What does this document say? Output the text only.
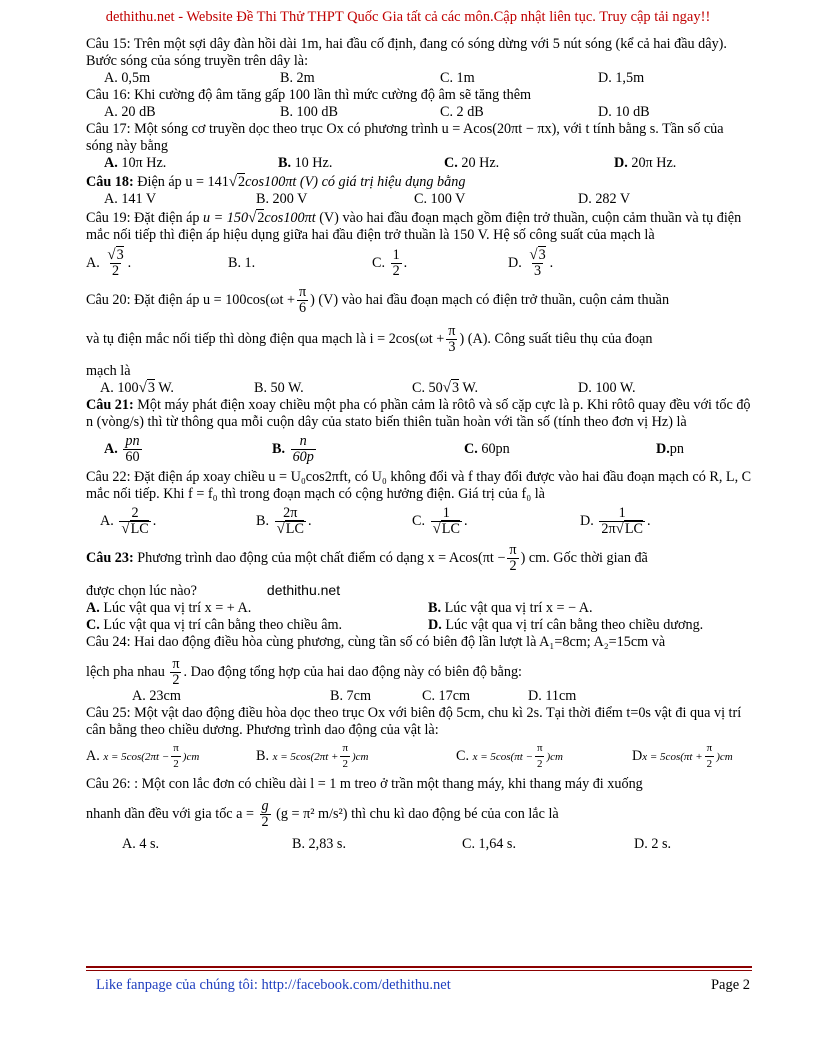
dethithu.net - Website Đề Thi Thử THPT Quốc Gia tất cả các môn.Cập nhật liên tục. Truy cập tải ngay!!

Câu 15: Trên một sợi dây đàn hồi dài 1m, hai đầu cố định, đang có sóng dừng với 5 nút sóng (kể cả hai đầu dây). Bước sóng của sóng truyền trên dây là:

A. 0,5m	B. 2m	C. 1m	D. 1,5m

Câu 16: Khi cường độ âm tăng gấp 100 lần thì mức cường độ âm sẽ tăng thêm

A. 20 dB	B. 100 dB	C. 2 dB	D. 10 dB

Câu 17: Một sóng cơ truyền dọc theo trục Ox có phương trình u = Acos(20πt − πx), với t tính bằng s. Tần số của sóng này bằng

A. 10π Hz.	B. 10 Hz.	C. 20 Hz.	D. 20π Hz.

Câu 18: Điện áp u = 141√2cos100πt (V) có giá trị hiệu dụng bằng

A. 141 V	B. 200 V	C. 100 V	D. 282 V

Câu 19: Đặt điện áp u = 150√2cos100πt (V) vào hai đầu đoạn mạch gồm điện trở thuần, cuộn cảm thuần và tụ điện mắc nối tiếp thì điện áp hiệu dụng giữa hai đầu điện trở thuần là 150 V. Hệ số công suất của mạch là

A. $\frac{√3}{2}$ .	B. 1.	C. $\frac{1}{2}$ .	D. $\frac{√3}{3}$ .

Câu 20: Đặt điện áp $u = 100\cos(\omega t + \frac{\pi}{6}$ ) (V) vào hai đầu đoạn mạch có điện trở thuần, cuộn cảm thuần

và tụ điện mắc nối tiếp thì dòng điện qua mạch là $i = 2\cos(\omega t + \frac{\pi}{3}$ ) (A). Công suất tiêu thụ của đoạn

mạch là

A. 100√3 W.	B. 50 W.	C. 50√3 W.	D. 100 W.

Câu 21: Một máy phát điện xoay chiều một pha có phần cảm là rôtô và số cặp cực là p. Khi rôtô quay đều với tốc độ n (vòng/s) thì từ thông qua mỗi cuộn dây của stato biến thiên tuần hoàn với tần số (tính theo đơn vị Hz) là

A. $\frac{pn}{60}$	B. $\frac{n}{60p}$	C. 60pn	D.pn

Câu 22: Đặt điện áp xoay chiều u = U₀cos2πft, có U₀ không đổi và f thay đổi được vào hai đầu đoạn mạch có R, L, C mắc nối tiếp. Khi f = f₀ thì trong đoạn mạch có cộng hưởng điện. Giá trị của f₀ là

A. $\frac{2}{√LC}$ .	B. $\frac{2\pi}{√LC}$ .	C. $\frac{1}{√LC}$ .	D. $\frac{1}{2\pi√LC}$ .

Câu 23: Phương trình dao động của một chất điểm có dạng $x = Acos(\pi t - \frac{\pi}{2}$ ) cm. Gốc thời gian đã

được chọn lúc nào?	dethithu.net

A. Lúc vật qua vị trí x = + A.	B. Lúc vật qua vị trí x = − A.
C. Lúc vật qua vị trí cân bằng theo chiều âm.	D. Lúc vật qua vị trí cân bằng theo chiều dương.

Câu 24: Hai dao động điều hòa cùng phương, cùng tần số có biên độ lần lượt là A₁=8cm; A₂=15cm và

lệch pha nhau $\frac{\pi}{2}$ . Dao động tổng hợp của hai dao động này có biên độ bằng:

A. 23cm	B. 7cm	C. 17cm	D. 11cm

Câu 25: Một vật dao động điều hòa dọc theo trục Ox với biên độ 5cm, chu kì 2s. Tại thời điểm t=0s vật đi qua vị trí cân bằng theo chiều dương. Phương trình dao động của vật là:

A. $x = 5\cos(2\pi t - \frac{\pi}{2} )cm$	B. $x = 5\cos(2\pi t + \frac{\pi}{2} )cm$	C. $x = 5\cos(\pi t - \frac{\pi}{2} )cm$	$Dx = 5\cos(\pi t + \frac{\pi}{2} )cm$

Câu 26: : Một con lắc đơn có chiều dài l = 1 m treo ở trần một thang máy, khi thang máy đi xuống

nhanh dần đều với gia tốc $a = \frac{g}{2} (g = \pi^2$ m/s²) thì chu kì dao động bé của con lắc là

A. 4 s.	B. 2,83 s.	C. 1,64 s.	D. 2 s.
Like fanpage của chúng tôi: http://facebook.com/dethithu.net	Page 2
